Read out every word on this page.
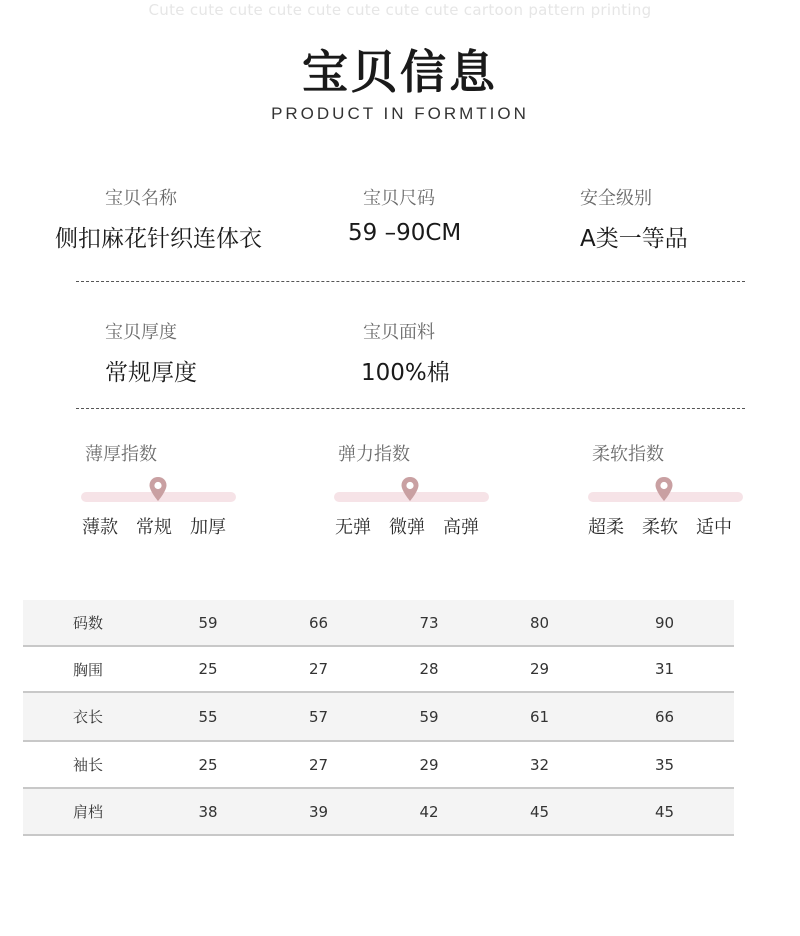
Cute cute cute cute cute cute cute cute cartoon pattern printing
宝贝信息
PRODUCT IN FORMTION
宝贝名称
侧扣麻花针织连体衣
宝贝尺码
59 –90CM
安全级别
A类一等品
宝贝厚度
常规厚度
宝贝面料
100%棉
薄厚指数
薄款 常规 加厚
弹力指数
无弹 微弹 高弹
柔软指数
超柔 柔软 适中
码数	59	66	73	80	90
胸围	25	27	28	29	31
衣长	55	57	59	61	66
袖长	25	27	29	32	35
肩档	38	39	42	45	45
